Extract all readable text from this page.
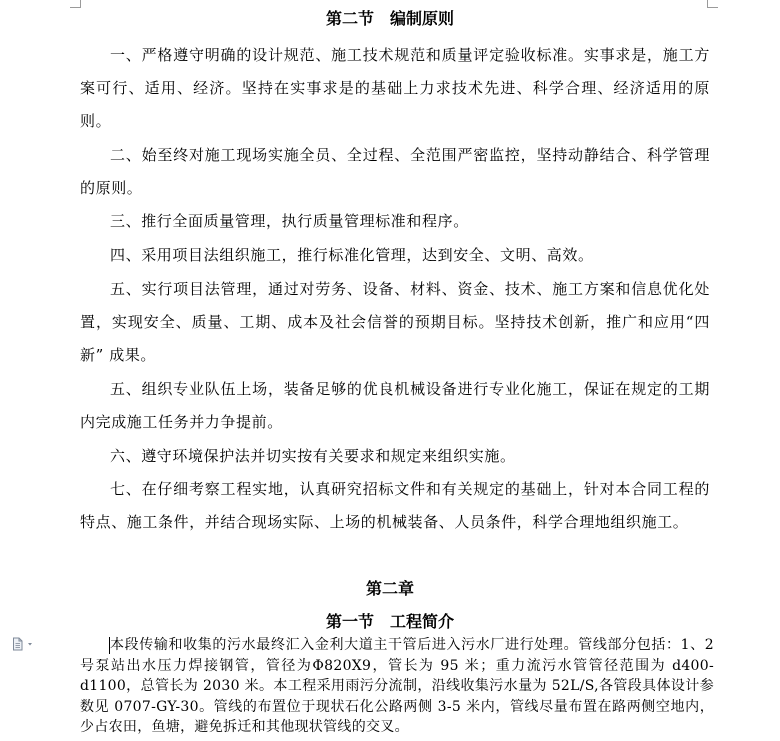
第二节　编制原则
一、严格遵守明确的设计规范、施工技术规范和质量评定验收标准。实事求是，施工方案可行、适用、经济。坚持在实事求是的基础上力求技术先进、科学合理、经济适用的原则。
二、始至终对施工现场实施全员、全过程、全范围严密监控，坚持动静结合、科学管理的原则。
三、推行全面质量管理，执行质量管理标准和程序。
四、采用项目法组织施工，推行标准化管理，达到安全、文明、高效。
五、实行项目法管理，通过对劳务、设备、材料、资金、技术、施工方案和信息优化处置，实现安全、质量、工期、成本及社会信誉的预期目标。坚持技术创新，推广和应用“四新” 成果。
五、组织专业队伍上场，装备足够的优良机械设备进行专业化施工，保证在规定的工期内完成施工任务并力争提前。
六、遵守环境保护法并切实按有关要求和规定来组织实施。
七、在仔细考察工程实地，认真研究招标文件和有关规定的基础上，针对本合同工程的特点、施工条件，并结合现场实际、上场的机械装备、人员条件，科学合理地组织施工。
第二章
第一节　工程简介
本段传输和收集的污水最终汇入金利大道主干管后进入污水厂进行处理。管线部分包括：1、2 号泵站出水压力焊接钢管，管径为Φ820X9，管长为 95 米；重力流污水管管径范围为 d400-d1100，总管长为 2030 米。本工程采用雨污分流制，沿线收集污水量为 52L/S,各管段具体设计参数见 0707-GY-30。管线的布置位于现状石化公路两侧 3-5 米内，管线尽量布置在路两侧空地内，少占农田，鱼塘，避免拆迁和其他现状管线的交叉。
